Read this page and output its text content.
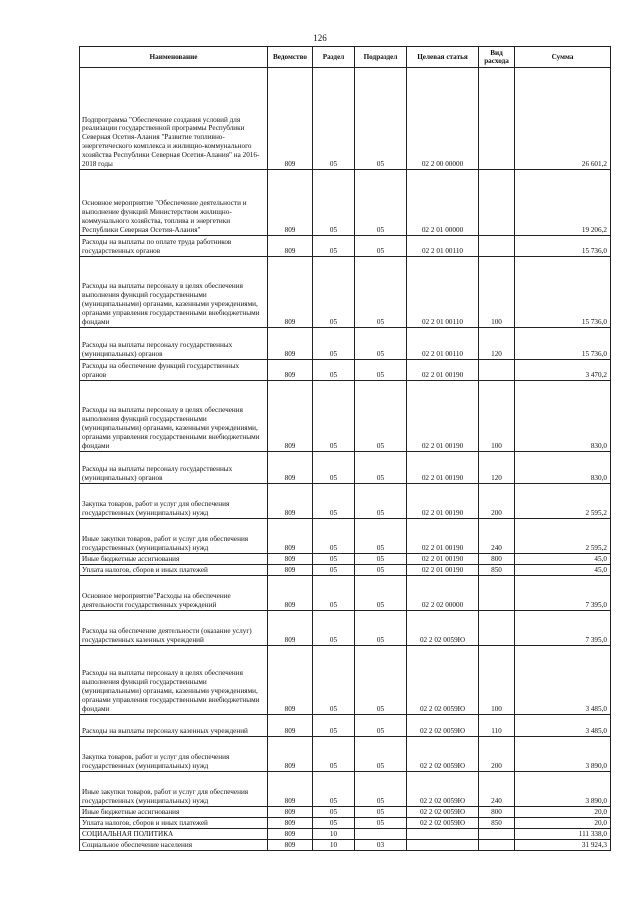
126
Наименование	Ведомство	Раздел	Подраздел	Целевая статья	Вид расхода	Сумма
Подпрограмма "Обеспечение создания условий для реализации государственной программы Республики Северная Осетия-Алания "Развитие топливно-энергетического комплекса и жилищно-коммунального хозяйства Республики Северная Осетия-Алания" на 2016-2018 годы	809	05	05	02 2 00 00000		26 601,2
Основное мероприятие "Обеспечение деятельности и выполнение функций Министерством жилищно-коммунального хозяйства, топлива и энергетики Республики Северная Осетия-Алания"	809	05	05	02 2 01 00000		19 206,2
Расходы на выплаты по оплате труда работников государственных органов	809	05	05	02 2 01 00110		15 736,0
Расходы на выплаты персоналу в целях обеспечения выполнения функций государственными (муниципальными) органами, казенными учреждениями, органами управления государственными внебюджетными фондами	809	05	05	02 2 01 00110	100	15 736,0
Расходы на выплаты персоналу государственных (муниципальных) органов	809	05	05	02 2 01 00110	120	15 736,0
Расходы на обеспечение функций государственных органов	809	05	05	02 2 01 00190		3 470,2
Расходы на выплаты персоналу в целях обеспечения выполнения функций государственными (муниципальными) органами, казенными учреждениями, органами управления государственными внебюджетными фондами	809	05	05	02 2 01 00190	100	830,0
Расходы на выплаты персоналу государственных (муниципальных) органов	809	05	05	02 2 01 00190	120	830,0
Закупка товаров, работ и услуг для обеспечения государственных (муниципальных) нужд	809	05	05	02 2 01 00190	200	2 595,2
Иные закупки товаров, работ и услуг для обеспечения государственных (муниципальных) нужд	809	05	05	02 2 01 00190	240	2 595,2
Иные бюджетные ассигнования	809	05	05	02 2 01 00190	800	45,0
Уплата налогов, сборов и иных платежей	809	05	05	02 2 01 00190	850	45,0
Основное мероприятие"Расходы на обеспечение деятельности государственных учреждений	809	05	05	02 2 02 00000		7 395,0
Расходы на обеспечение деятельности (оказание услуг) государственных казенных учреждений	809	05	05	02 2 02 0059Ю		7 395,0
Расходы на выплаты персоналу в целях обеспечения выполнения функций государственными (муниципальными) органами, казенными учреждениями, органами управления государственными внебюджетными фондами	809	05	05	02 2 02 0059Ю	100	3 485,0
Расходы на выплаты персоналу казенных учреждений	809	05	05	02 2 02 0059Ю	110	3 485,0
Закупка товаров, работ и услуг для обеспечения государственных (муниципальных) нужд	809	05	05	02 2 02 0059Ю	200	3 890,0
Иные закупки товаров, работ и услуг для обеспечения государственных (муниципальных) нужд	809	05	05	02 2 02 0059Ю	240	3 890,0
Иные бюджетные ассигнования	809	05	05	02 2 02 0059Ю	800	20,0
Уплата налогов, сборов и иных платежей	809	05	05	02 2 02 0059Ю	850	20,0
СОЦИАЛЬНАЯ ПОЛИТИКА	809	10				111 338,0
Социальное обеспечение населения	809	10	03			31 924,3
